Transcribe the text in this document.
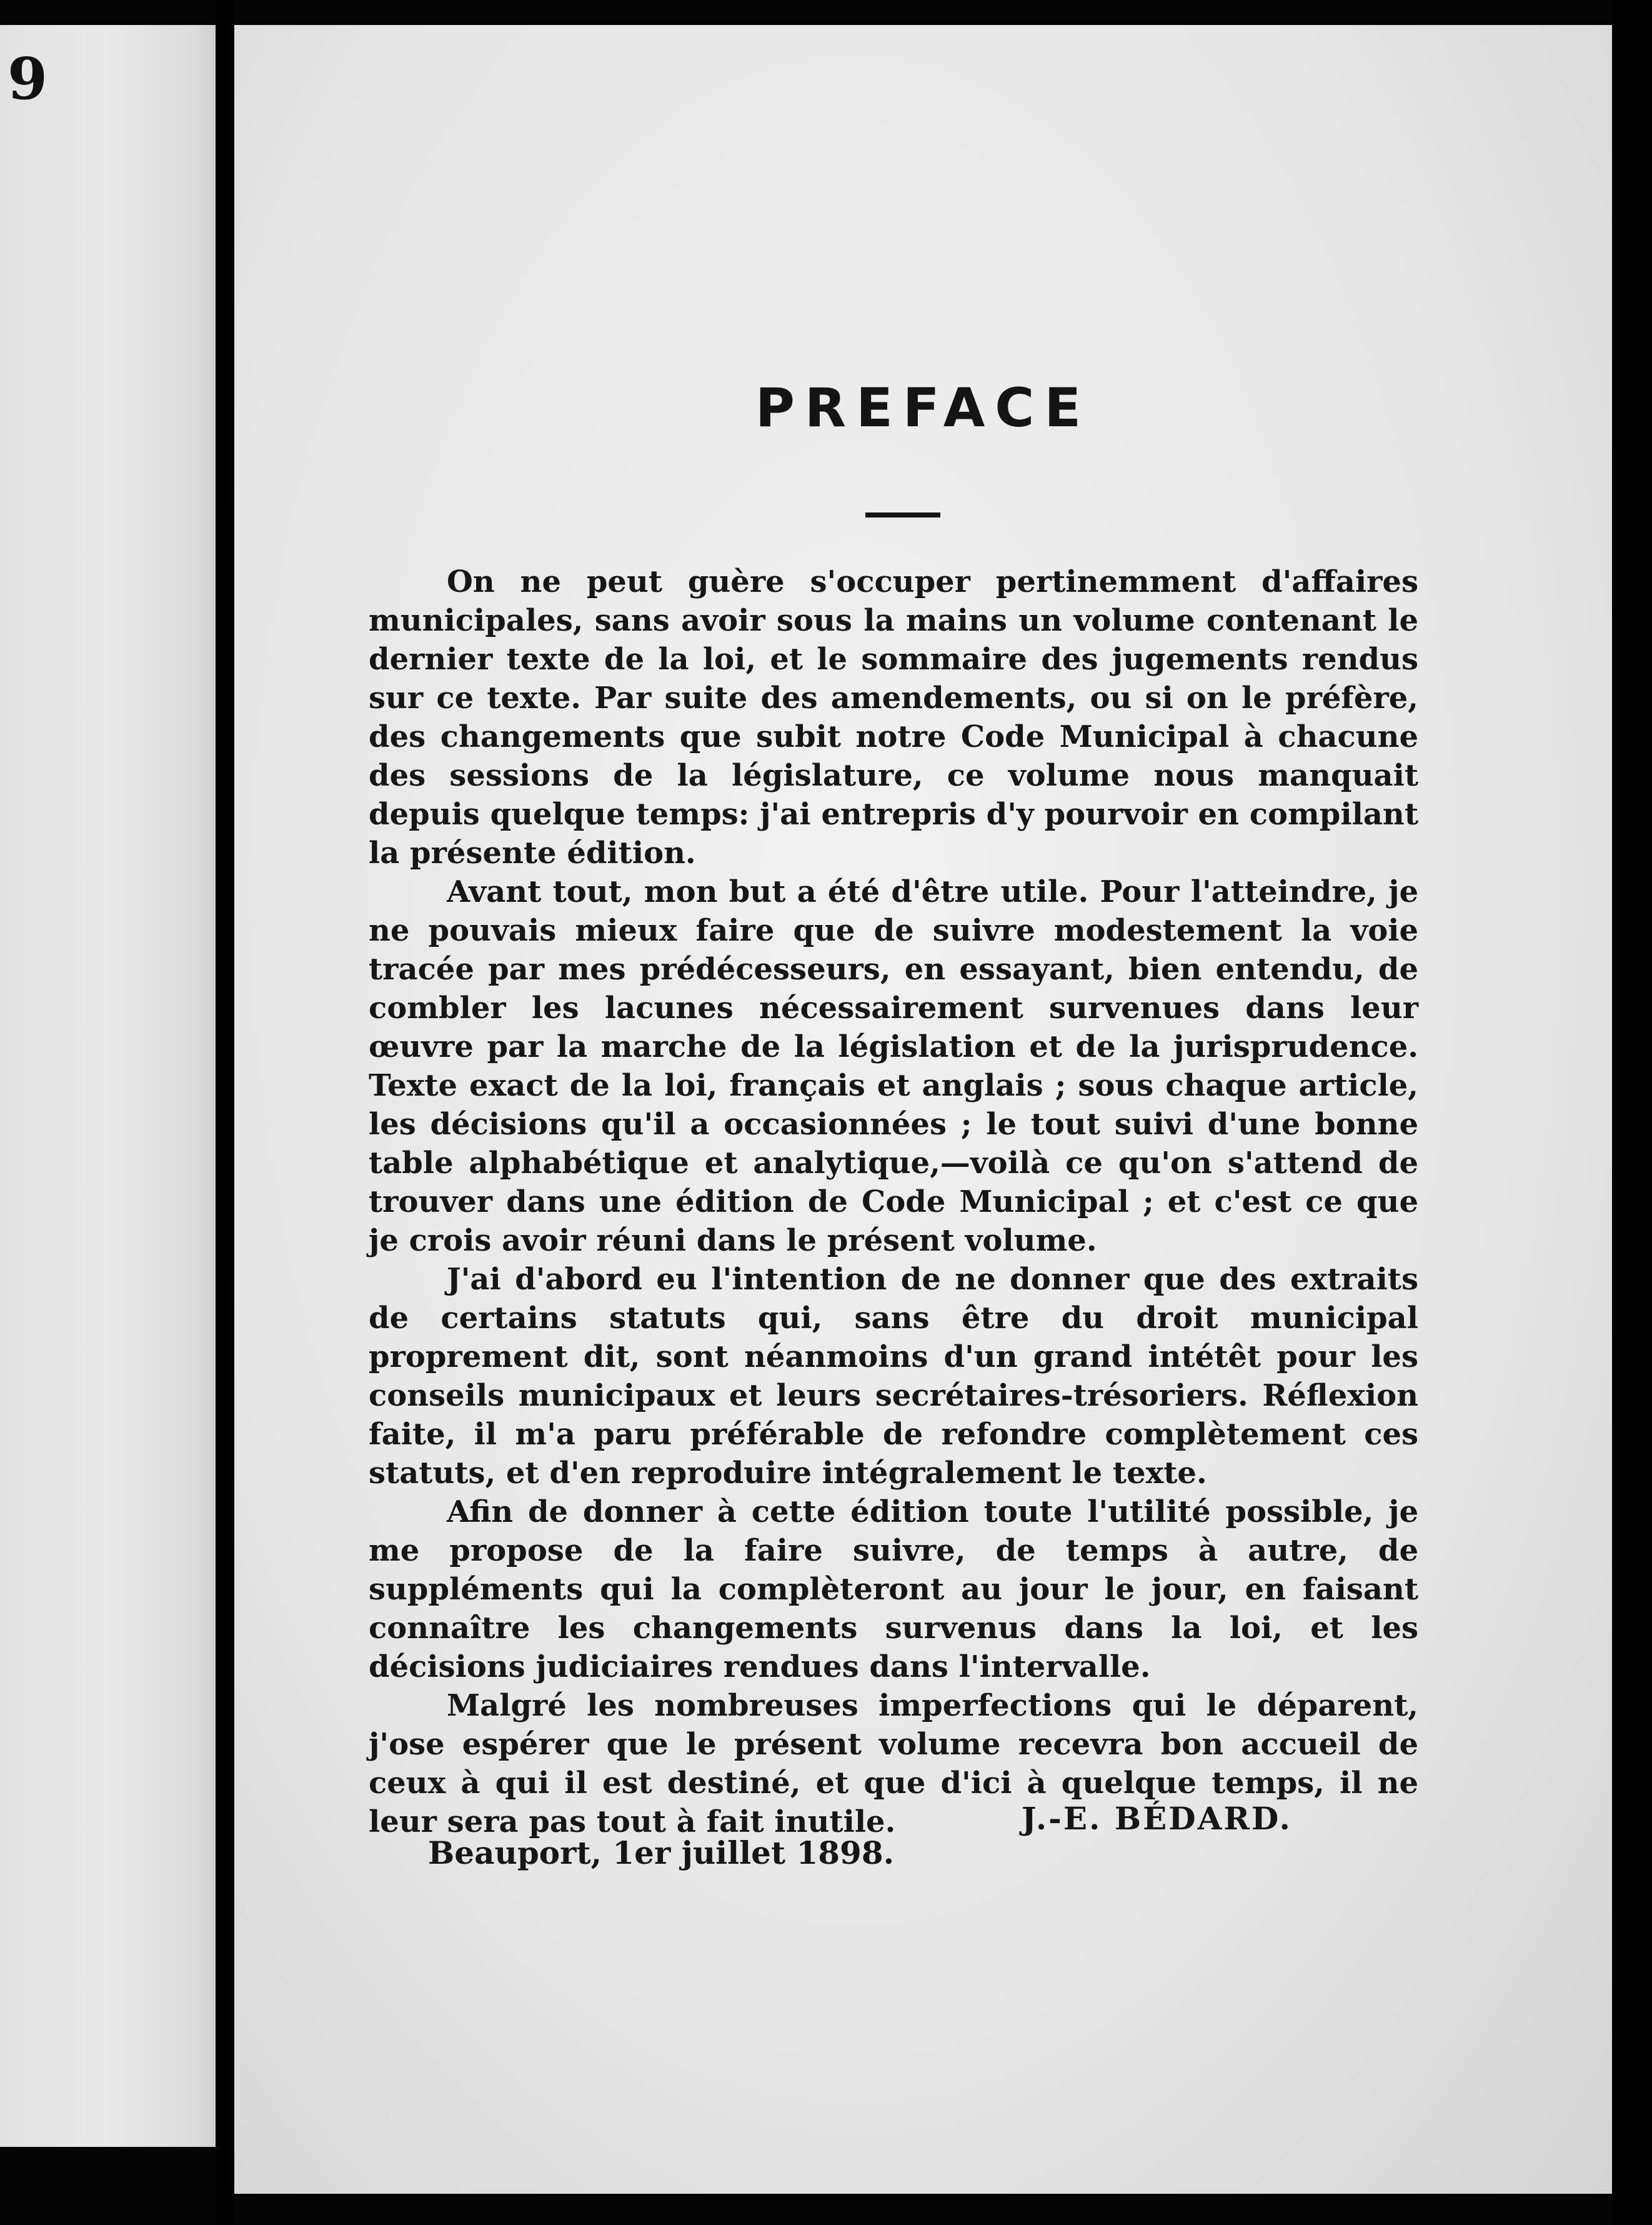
9
PREFACE

On ne peut guère s'occuper pertinemment d'affaires municipales, sans avoir sous la mains un volume contenant le dernier texte de la loi, et le sommaire des jugements rendus sur ce texte. Par suite des amendements, ou si on le préfère, des changements que subit notre Code Municipal à chacune des sessions de la législature, ce volume nous manquait depuis quelque temps: j'ai entrepris d'y pourvoir en compilant la présente édition.

Avant tout, mon but a été d'être utile. Pour l'atteindre, je ne pouvais mieux faire que de suivre modestement la voie tracée par mes prédécesseurs, en essayant, bien entendu, de combler les lacunes nécessairement survenues dans leur œuvre par la marche de la législation et de la jurisprudence. Texte exact de la loi, français et anglais ; sous chaque article, les décisions qu'il a occasionnées ; le tout suivi d'une bonne table alphabétique et analytique,—voilà ce qu'on s'attend de trouver dans une édition de Code Municipal ; et c'est ce que je crois avoir réuni dans le présent volume.

J'ai d'abord eu l'intention de ne donner que des extraits de certains statuts qui, sans être du droit municipal proprement dit, sont néanmoins d'un grand intétêt pour les conseils municipaux et leurs secrétaires-trésoriers. Réflexion faite, il m'a paru préférable de refondre complètement ces statuts, et d'en reproduire intégralement le texte.

Afin de donner à cette édition toute l'utilité possible, je me propose de la faire suivre, de temps à autre, de suppléments qui la complèteront au jour le jour, en faisant connaître les changements survenus dans la loi, et les décisions judiciaires rendues dans l'intervalle.

Malgré les nombreuses imperfections qui le déparent, j'ose espérer que le présent volume recevra bon accueil de ceux à qui il est destiné, et que d'ici à quelque temps, il ne leur sera pas tout à fait inutile.	J.-E. BÉDARD.
Beauport, 1er juillet 1898.
